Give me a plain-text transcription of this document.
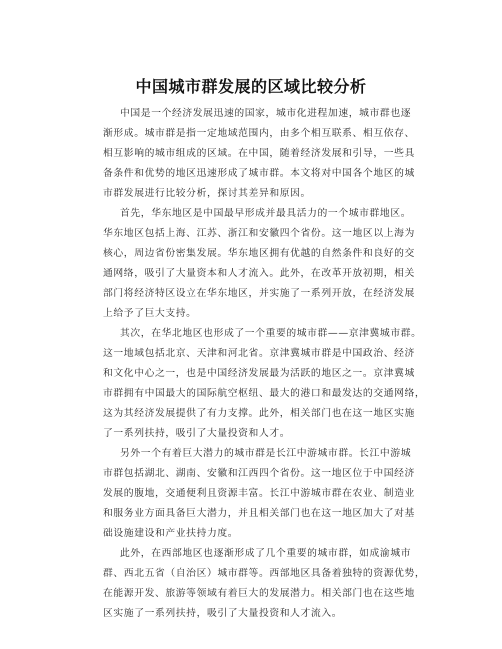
中国城市群发展的区域比较分析
中国是一个经济发展迅速的国家，城市化进程加速，城市群也逐
渐形成。城市群是指一定地域范围内，由多个相互联系、相互依存、
相互影响的城市组成的区域。在中国，随着经济发展和引导，一些具
备条件和优势的地区迅速形成了城市群。本文将对中国各个地区的城
市群发展进行比较分析，探讨其差异和原因。
首先，华东地区是中国最早形成并最具活力的一个城市群地区。
华东地区包括上海、江苏、浙江和安徽四个省份。这一地区以上海为
核心，周边省份密集发展。华东地区拥有优越的自然条件和良好的交
通网络，吸引了大量资本和人才流入。此外，在改革开放初期，相关
部门将经济特区设立在华东地区，并实施了一系列开放，在经济发展
上给予了巨大支持。
其次，在华北地区也形成了一个重要的城市群——京津冀城市群。
这一地域包括北京、天津和河北省。京津冀城市群是中国政治、经济
和文化中心之一，也是中国经济发展最为活跃的地区之一。京津冀城
市群拥有中国最大的国际航空枢纽、最大的港口和最发达的交通网络，
这为其经济发展提供了有力支撑。此外，相关部门也在这一地区实施
了一系列扶持，吸引了大量投资和人才。
另外一个有着巨大潜力的城市群是长江中游城市群。长江中游城
市群包括湖北、湖南、安徽和江西四个省份。这一地区位于中国经济
发展的腹地，交通便利且资源丰富。长江中游城市群在农业、制造业
和服务业方面具备巨大潜力，并且相关部门也在这一地区加大了对基
础设施建设和产业扶持力度。
此外，在西部地区也逐渐形成了几个重要的城市群，如成渝城市
群、西北五省（自治区）城市群等。西部地区具备着独特的资源优势，
在能源开发、旅游等领域有着巨大的发展潜力。相关部门也在这些地
区实施了一系列扶持，吸引了大量投资和人才流入。
